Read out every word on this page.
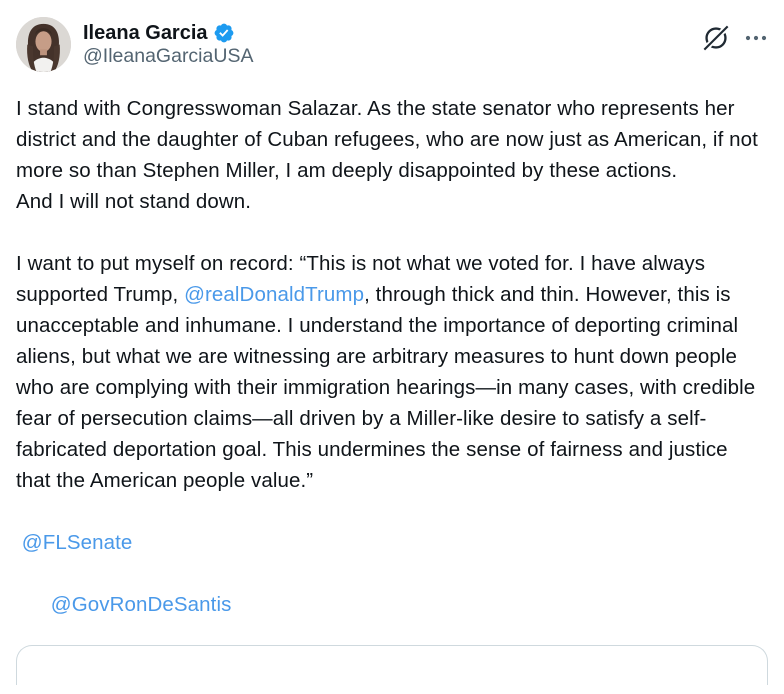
Ileana Garcia
@IleanaGarciaUSA

I stand with Congresswoman Salazar. As the state senator who represents her district and the daughter of Cuban refugees, who are now just as American, if not more so than Stephen Miller, I am deeply disappointed by these actions.
And I will not stand down.

I want to put myself on record: “This is not what we voted for. I have always supported Trump, @realDonaldTrump, through thick and thin. However, this is unacceptable and inhumane. I understand the importance of deporting criminal aliens, but what we are witnessing are arbitrary measures to hunt down people who are complying with their immigration hearings—in many cases, with credible fear of persecution claims—all driven by a Miller-like desire to satisfy a self-fabricated deportation goal. This undermines the sense of fairness and justice that the American people value.”

@FLSenate

@GovRonDeSantis
